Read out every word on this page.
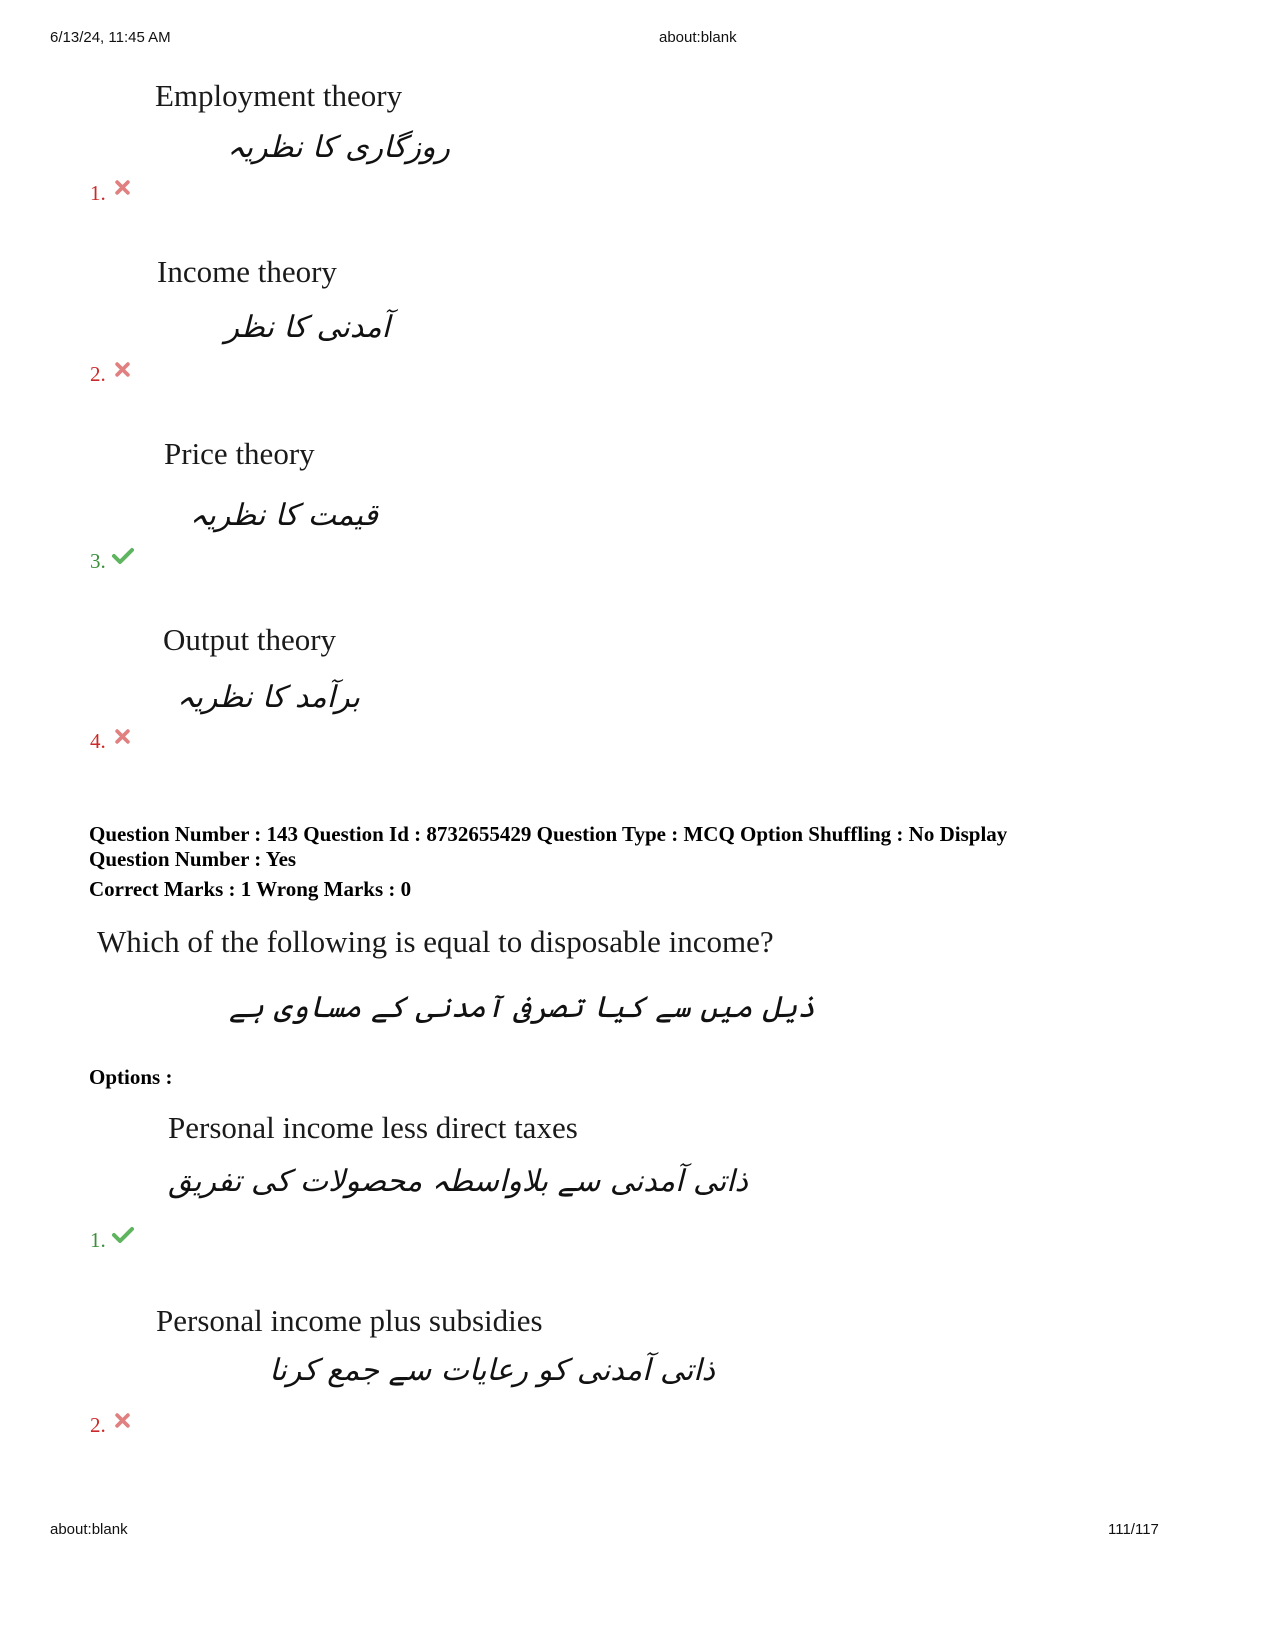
6/13/24, 11:45 AM	about:blank
Employment theory
روزگاری کا نظریہ
1.
Income theory
آمدنی کا نظر
2.
Price theory
قیمت کا نظریہ
3.
Output theory
برآمد کا نظریہ
4.
Question Number : 143 Question Id : 8732655429 Question Type : MCQ Option Shuffling : No Display
Question Number : Yes
Correct Marks : 1 Wrong Marks : 0
Which of the following is equal to disposable income?
ذیل میں سے کیا تصرفی آمدنی کے مساوی ہے
Options :
Personal income less direct taxes
ذاتی آمدنی سے بلاواسطہ محصولات کی تفریق
1.
Personal income plus subsidies
ذاتی آمدنی کو رعایات سے جمع کرنا
2.
about:blank	111/117
